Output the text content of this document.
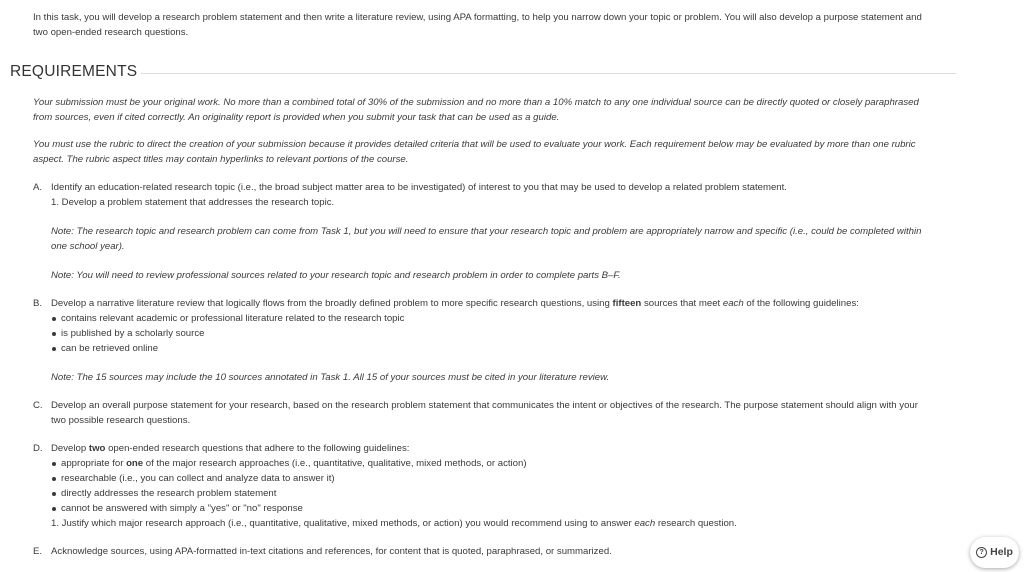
In this task, you will develop a research problem statement and then write a literature review, using APA formatting, to help you narrow down your topic or problem. You will also develop a purpose statement and two open-ended research questions.

REQUIREMENTS

Your submission must be your original work. No more than a combined total of 30% of the submission and no more than a 10% match to any one individual source can be directly quoted or closely paraphrased from sources, even if cited correctly. An originality report is provided when you submit your task that can be used as a guide.

You must use the rubric to direct the creation of your submission because it provides detailed criteria that will be used to evaluate your work. Each requirement below may be evaluated by more than one rubric aspect. The rubric aspect titles may contain hyperlinks to relevant portions of the course.

A. Identify an education-related research topic (i.e., the broad subject matter area to be investigated) of interest to you that may be used to develop a related problem statement.
1. Develop a problem statement that addresses the research topic.

Note: The research topic and research problem can come from Task 1, but you will need to ensure that your research topic and problem are appropriately narrow and specific (i.e., could be completed within one school year).

Note: You will need to review professional sources related to your research topic and research problem in order to complete parts B–F.

B. Develop a narrative literature review that logically flows from the broadly defined problem to more specific research questions, using fifteen sources that meet each of the following guidelines:
contains relevant academic or professional literature related to the research topic
is published by a scholarly source
can be retrieved online

Note: The 15 sources may include the 10 sources annotated in Task 1. All 15 of your sources must be cited in your literature review.

C. Develop an overall purpose statement for your research, based on the research problem statement that communicates the intent or objectives of the research. The purpose statement should align with your two possible research questions.
D. Develop two open-ended research questions that adhere to the following guidelines:
appropriate for one of the major research approaches (i.e., quantitative, qualitative, mixed methods, or action)
researchable (i.e., you can collect and analyze data to answer it)
directly addresses the research problem statement
cannot be answered with simply a "yes" or "no" response
1. Justify which major research approach (i.e., quantitative, qualitative, mixed methods, or action) you would recommend using to answer each research question.
E. Acknowledge sources, using APA-formatted in-text citations and references, for content that is quoted, paraphrased, or summarized.	? Help
